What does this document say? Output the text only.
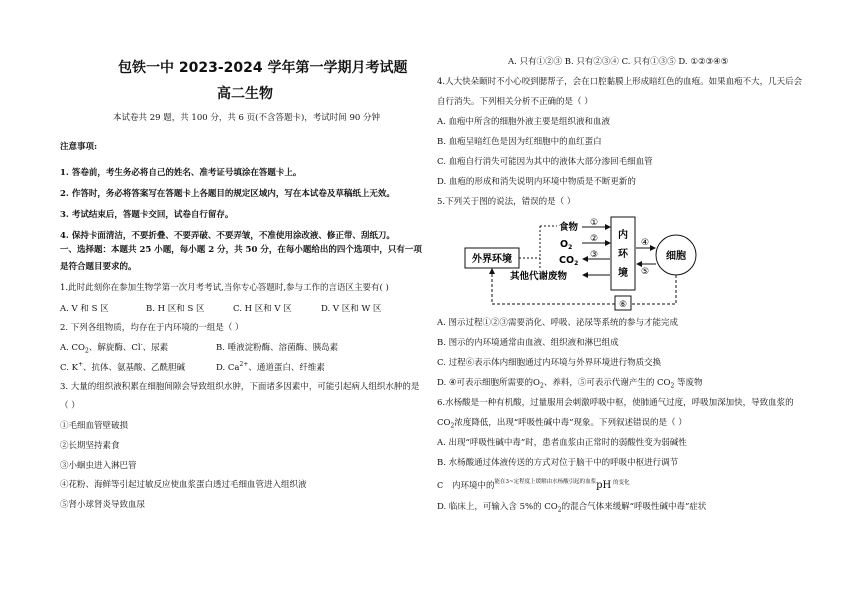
包铁一中 2023-2024 学年第一学期月考试题
高二生物
本试卷共 29 题，共 100 分，共 6 页(不含答题卡)，考试时间 90 分钟
注意事项:
1. 答卷前，考生务必将自己的姓名、准考证号填涂在答题卡上。
2. 作答时，务必将答案写在答题卡上各题目的规定区域内，写在本试卷及草稿纸上无效。
3. 考试结束后，答题卡交回，试卷自行留存。
4. 保持卡面清洁，不要折叠、不要弄破、不要弄皱，不准使用涂改液、修正带、刮纸刀。
一、选择题：本题共 25 小题，每小题 2 分，共 50 分，在每小题给出的四个选项中，只有一项
是符合题目要求的。
1.此时此刻你在参加生物学第一次月考考试,当你专心答题时,参与工作的言语区主要有( )
A. V 和 S 区	B. H 区和 S 区	C. H 区和 V 区	D. V 区和 W 区
2. 下列各组物质，均存在于内环境的一组是（ ）
A. $CO_2$、解旋酶、Cl-、尿素	B. 唾液淀粉酶、溶菌酶、胰岛素
C. K+、抗体、氨基酸、乙酰胆碱	D. $Ca^{2+}$、通道蛋白、纤维素
3. 大量的组织液积累在细胞间隙会导致组织水肿，下面诸多因素中，可能引起病人组织水肿的是
（ ）
①毛细血管壁破损
②长期坚持素食
③小蛔虫进入淋巴管
④花粉、海鲜等引起过敏反应使血浆蛋白透过毛细血管进入组织液
⑤肾小球肾炎导致血尿
A. 只有①②③ B. 只有②③④ C. 只有①③⑤ D. ①②③④⑤
4.人大快朵颐时不小心咬到腮帮子，会在口腔黏膜上形成暗红色的血疱。如果血疱不大，几天后会
自行消失。下列相关分析不正确的是（ ）
A. 血疱中所含的细胞外液主要是组织液和血液
B. 血疱呈暗红色是因为红细胞中的血红蛋白
C. 血疱自行消失可能因为其中的液体大部分渗回毛细血管
D. 血疱的形成和消失说明内环境中物质是不断更新的
5.下列关于图的说法，错误的是（ ）
外界环境
内
环
境
细胞
食物
$O_2$
$CO_2$
其他代谢废物
①
②
③
④
⑤
⑥
A. 图示过程①②③需要消化、呼吸、泌尿等系统的参与才能完成
B. 图示的内环境通常由血液、组织液和淋巴组成
C. 过程⑥表示体内细胞通过内环境与外界环境进行物质交换
D. ④可表示细胞所需要的$O_2$、养料，⑤可表示代谢产生的 $CO_2$ 等废物
6.水杨酸是一种有机酸，过量服用会刺激呼吸中枢，使肺通气过度，呼吸加深加快，导致血浆的
$CO_2$浓度降低，出现“呼吸性碱中毒”现象。下列叙述错误的是（ ）
A. 出现“呼吸性碱中毒”时，患者血浆由正常时的弱酸性变为弱碱性
B. 水杨酸通过体液传送的方式对位于脑干中的呼吸中枢进行调节
C 内环境中的$^{能在3\sim 定程度上缓解由水杨酸引起的血浆}$pH $^{的变化}$
D. 临床上，可输入含 5%的 $CO_2$的混合气体来缓解“呼吸性碱中毒”症状
